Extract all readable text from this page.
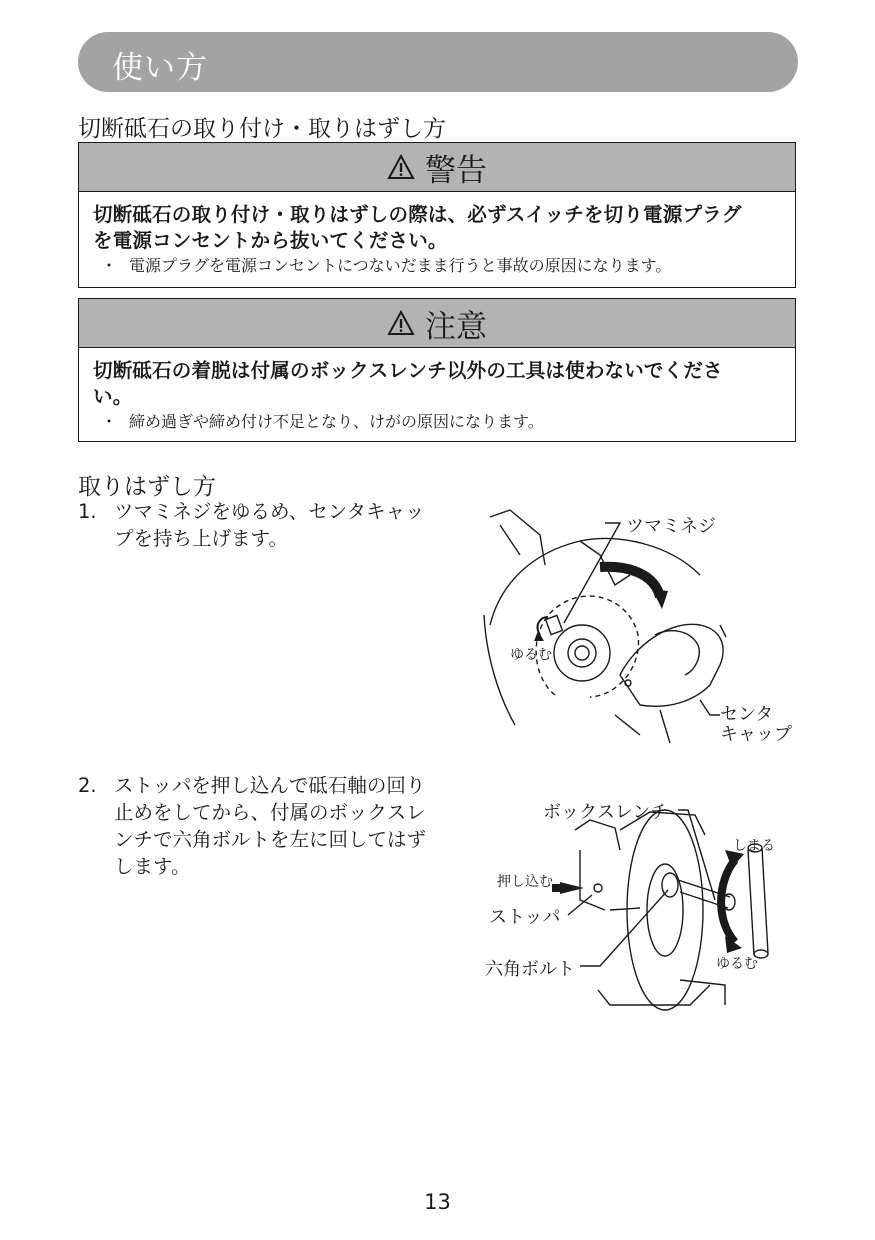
使い方
切断砥石の取り付け・取りはずし方
警告
切断砥石の取り付け・取りはずしの際は、必ずスイッチを切り電源プラグ
を電源コンセントから抜いてください。
・ 電源プラグを電源コンセントにつないだまま行うと事故の原因になります。
注意
切断砥石の着脱は付属のボックスレンチ以外の工具は使わないでくださ
い。
・ 締め過ぎや締め付け不足となり、けがの原因になります。
取りはずし方
1. ツマミネジをゆるめ、センタキャッ
プを持ち上げます。
2. ストッパを押し込んで砥石軸の回り
止めをしてから、付属のボックスレ
ンチで六角ボルトを左に回してはず
します。
ツマミネジ
ゆるむ
センタ
キャップ
ボックスレンチ
しまる
押し込む
ストッパ
六角ボルト	ゆるむ
13
